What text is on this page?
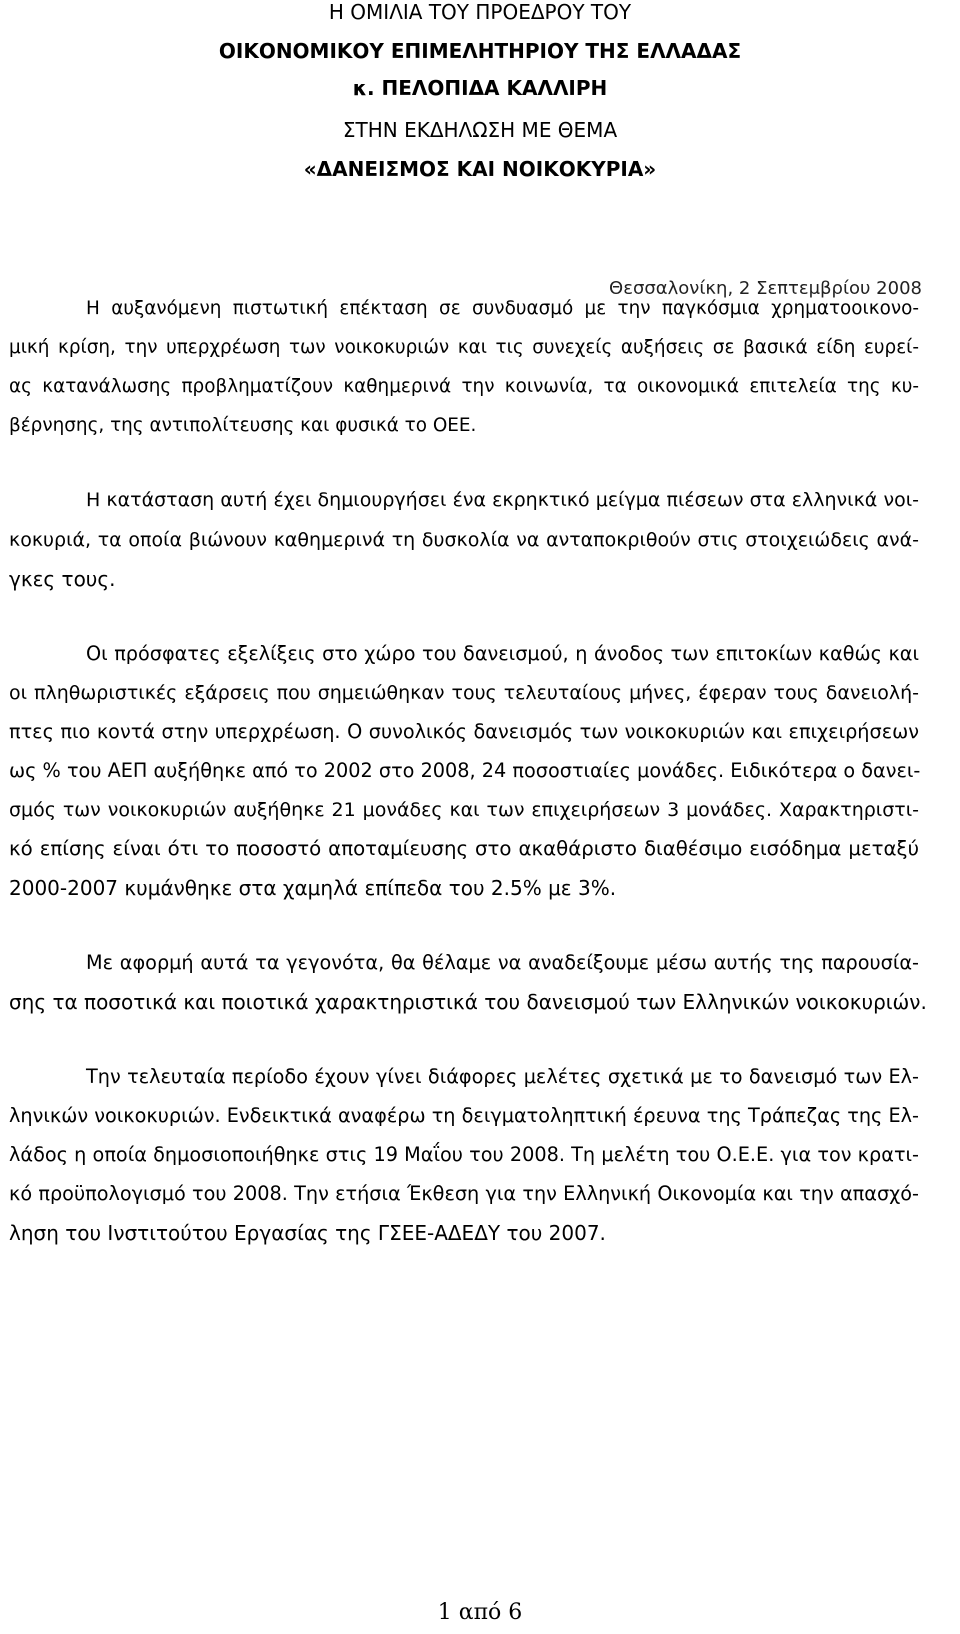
Η ΟΜΙΛΙΑ ΤΟΥ ΠΡΟΕΔΡΟΥ ΤΟΥ
ΟΙΚΟΝΟΜΙΚΟΥ ΕΠΙΜΕΛΗΤΗΡΙΟΥ ΤΗΣ ΕΛΛΑΔΑΣ
κ. ΠΕΛΟΠΙΔΑ ΚΑΛΛΙΡΗ
ΣΤΗΝ ΕΚΔΗΛΩΣΗ ΜΕ ΘΕΜΑ
«ΔΑΝΕΙΣΜΟΣ ΚΑΙ ΝΟΙΚΟΚΥΡΙΑ»
Θεσσαλονίκη, 2 Σεπτεμβρίου 2008
Η αυξανόμενη πιστωτική επέκταση σε συνδυασμό με την παγκόσμια χρηματοοικονο-
μική κρίση, την υπερχρέωση των νοικοκυριών και τις συνεχείς αυξήσεις σε βασικά είδη ευρεί-
ας κατανάλωσης προβληματίζουν καθημερινά την κοινωνία, τα οικονομικά επιτελεία της κυ-
βέρνησης, της αντιπολίτευσης και φυσικά το ΟΕΕ.
Η κατάσταση αυτή έχει δημιουργήσει ένα εκρηκτικό μείγμα πιέσεων στα ελληνικά νοι-
κοκυριά, τα οποία βιώνουν καθημερινά τη δυσκολία να ανταποκριθούν στις στοιχειώδεις ανά-
γκες τους.
Οι πρόσφατες εξελίξεις στο χώρο του δανεισμού, η άνοδος των επιτοκίων καθώς και
οι πληθωριστικές εξάρσεις που σημειώθηκαν τους τελευταίους μήνες, έφεραν τους δανειολή-
πτες πιο κοντά στην υπερχρέωση. Ο συνολικός δανεισμός των νοικοκυριών και επιχειρήσεων
ως % του ΑΕΠ αυξήθηκε από το 2002 στο 2008, 24 ποσοστιαίες μονάδες. Ειδικότερα ο δανει-
σμός των νοικοκυριών αυξήθηκε 21 μονάδες και των επιχειρήσεων 3 μονάδες. Χαρακτηριστι-
κό επίσης είναι ότι το ποσοστό αποταμίευσης στο ακαθάριστο διαθέσιμο εισόδημα μεταξύ
2000-2007 κυμάνθηκε στα χαμηλά επίπεδα του 2.5% με 3%.
Με αφορμή αυτά τα γεγονότα, θα θέλαμε να αναδείξουμε μέσω αυτής της παρουσία-
σης τα ποσοτικά και ποιοτικά χαρακτηριστικά του δανεισμού των Ελληνικών νοικοκυριών.
Την τελευταία περίοδο έχουν γίνει διάφορες μελέτες σχετικά με το δανεισμό των Ελ-
ληνικών νοικοκυριών. Ενδεικτικά αναφέρω τη δειγματοληπτική έρευνα της Τράπεζας της Ελ-
λάδος η οποία δημοσιοποιήθηκε στις 19 Μαΐου του 2008. Τη μελέτη του Ο.Ε.Ε. για τον κρατι-
κό προϋπολογισμό του 2008. Την ετήσια Έκθεση για την Ελληνική Οικονομία και την απασχό-
ληση του Ινστιτούτου Εργασίας της ΓΣΕΕ-ΑΔΕΔΥ του 2007.
1 από 6
